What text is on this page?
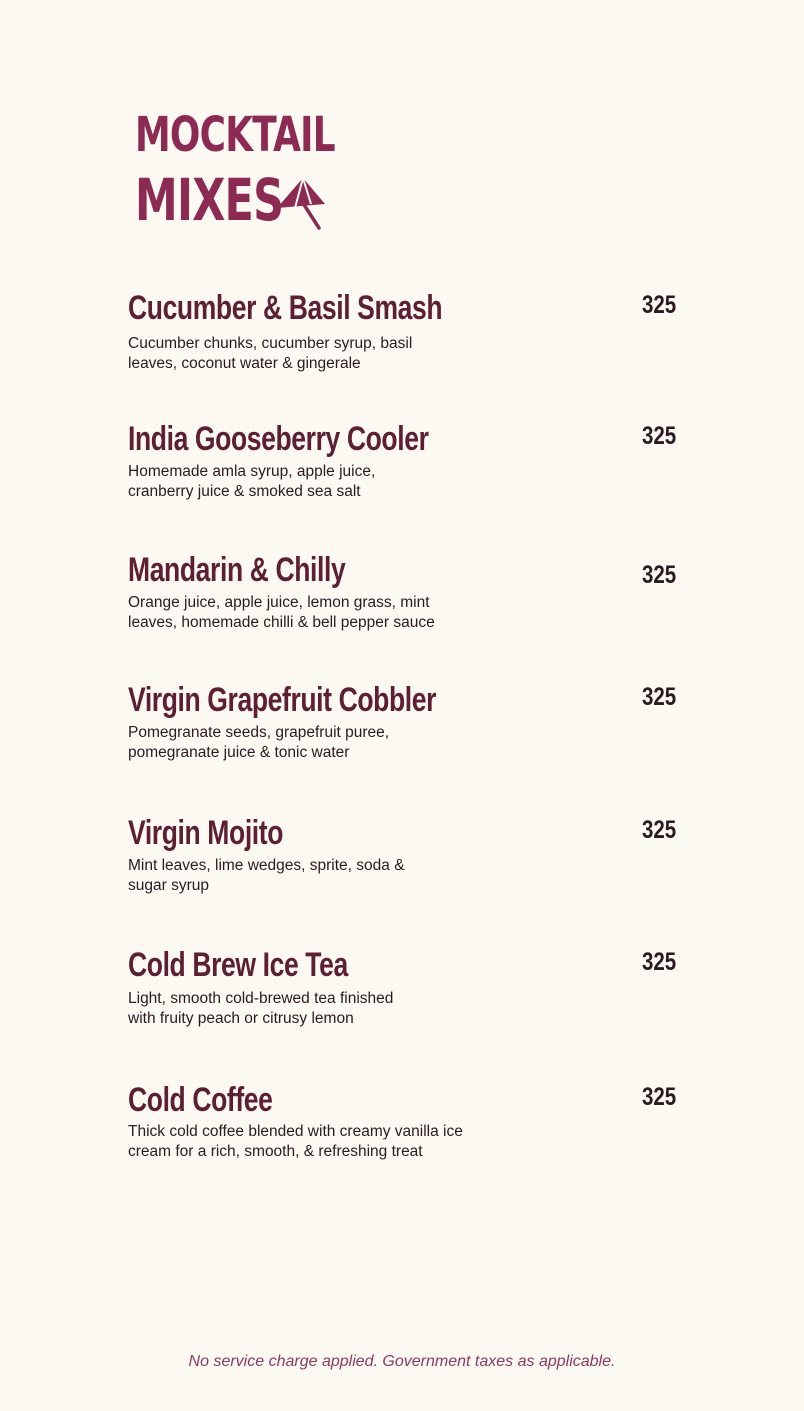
MOCKTAIL
MIXES
Cucumber & Basil Smash	325
Cucumber chunks, cucumber syrup, basil
leaves, coconut water & gingerale
India Gooseberry Cooler	325
Homemade amla syrup, apple juice,
cranberry juice & smoked sea salt
Mandarin & Chilly	325
Orange juice, apple juice, lemon grass, mint
leaves, homemade chilli & bell pepper sauce
Virgin Grapefruit Cobbler	325
Pomegranate seeds, grapefruit puree,
pomegranate juice & tonic water
Virgin Mojito	325
Mint leaves, lime wedges, sprite, soda &
sugar syrup
Cold Brew Ice Tea	325
Light, smooth cold-brewed tea finished
with fruity peach or citrusy lemon
Cold Coffee	325
Thick cold coffee blended with creamy vanilla ice
cream for a rich, smooth, & refreshing treat
No service charge applied. Government taxes as applicable.
